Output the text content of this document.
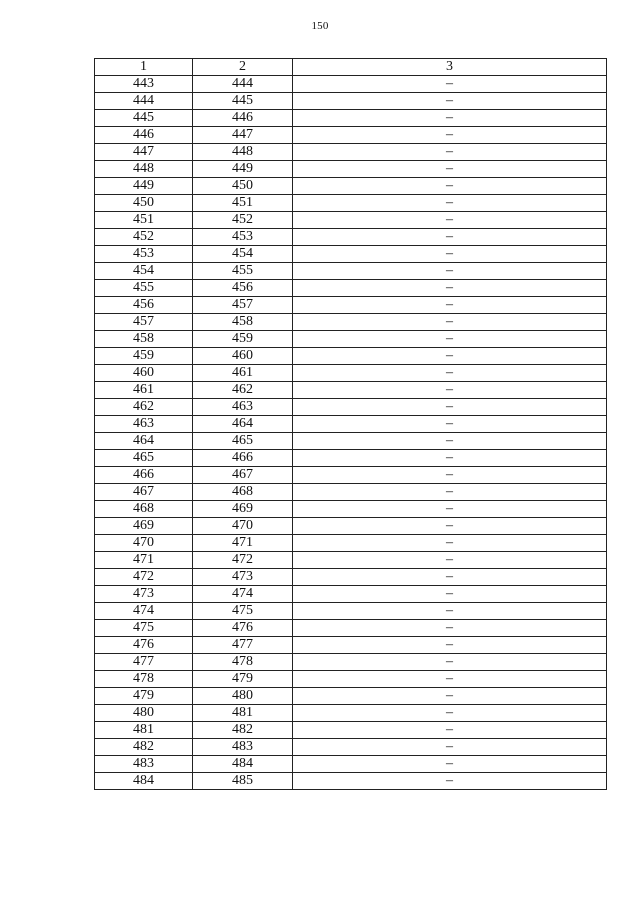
150
1	2	3
443	444	–
444	445	–
445	446	–
446	447	–
447	448	–
448	449	–
449	450	–
450	451	–
451	452	–
452	453	–
453	454	–
454	455	–
455	456	–
456	457	–
457	458	–
458	459	–
459	460	–
460	461	–
461	462	–
462	463	–
463	464	–
464	465	–
465	466	–
466	467	–
467	468	–
468	469	–
469	470	–
470	471	–
471	472	–
472	473	–
473	474	–
474	475	–
475	476	–
476	477	–
477	478	–
478	479	–
479	480	–
480	481	–
481	482	–
482	483	–
483	484	–
484	485	–
